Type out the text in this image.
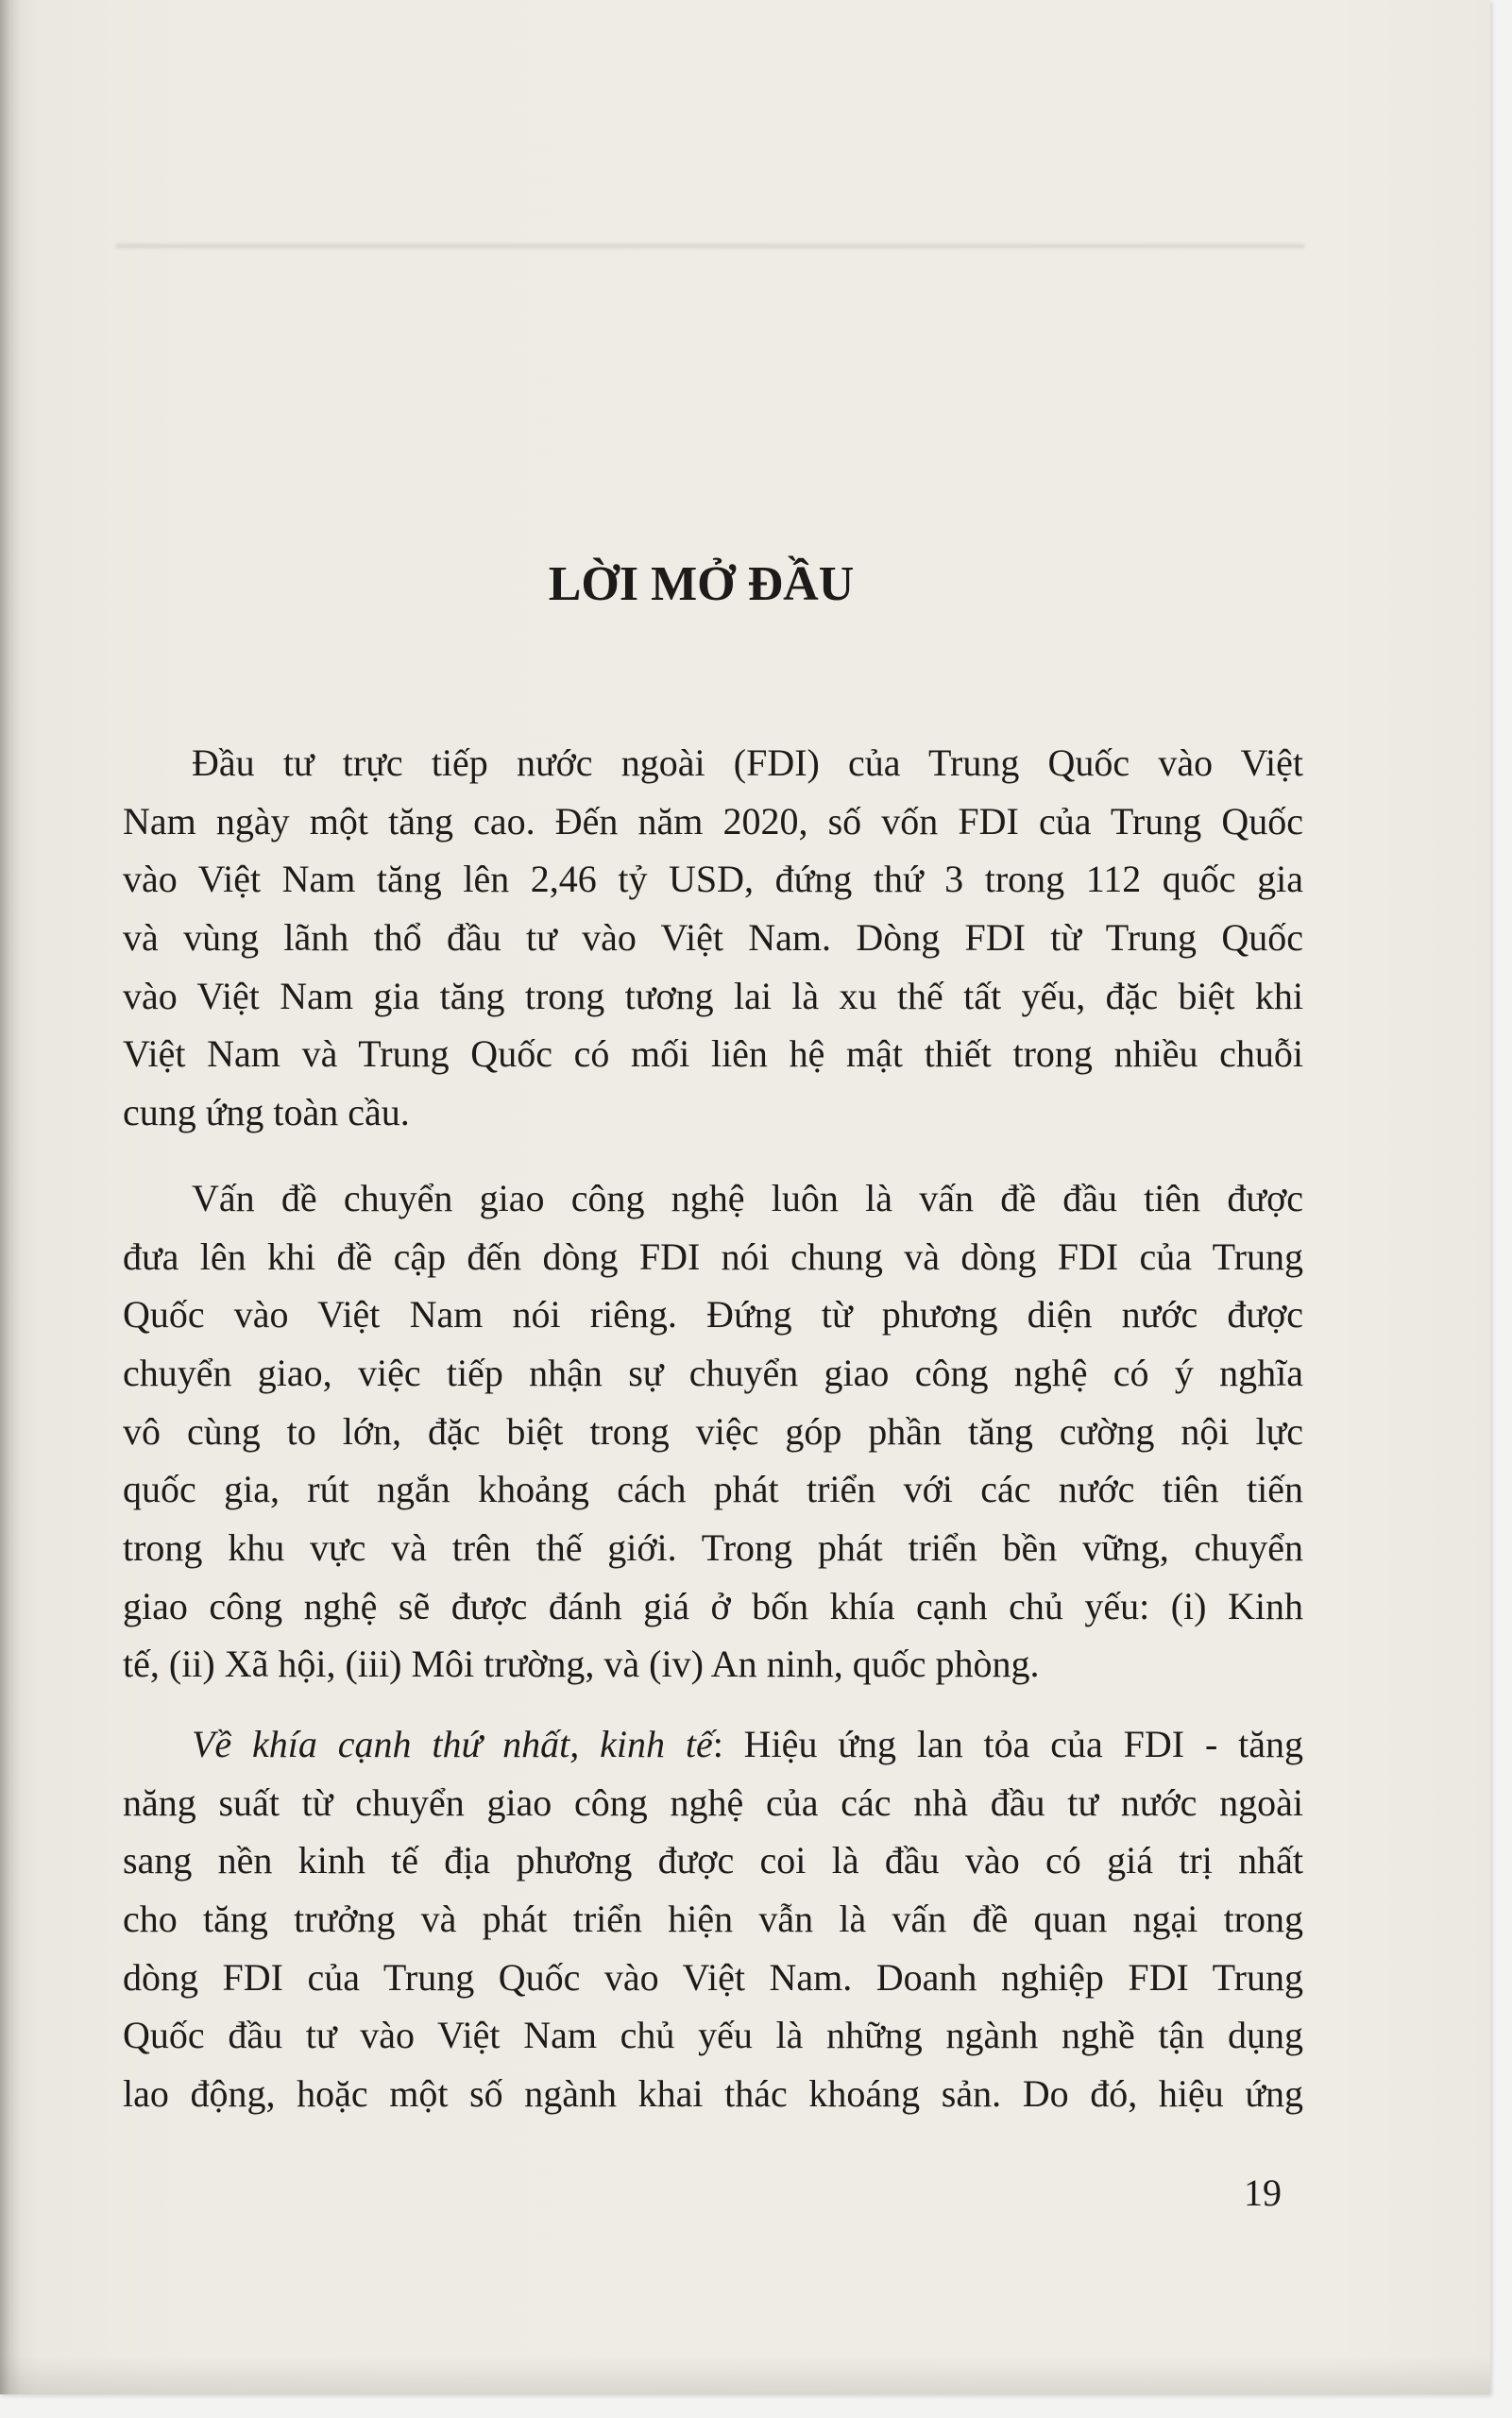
LỜI MỞ ĐẦU

Đầu tư trực tiếp nước ngoài (FDI) của Trung Quốc vào Việt
Nam ngày một tăng cao. Đến năm 2020, số vốn FDI của Trung Quốc
vào Việt Nam tăng lên 2,46 tỷ USD, đứng thứ 3 trong 112 quốc gia
và vùng lãnh thổ đầu tư vào Việt Nam. Dòng FDI từ Trung Quốc
vào Việt Nam gia tăng trong tương lai là xu thế tất yếu, đặc biệt khi
Việt Nam và Trung Quốc có mối liên hệ mật thiết trong nhiều chuỗi
cung ứng toàn cầu.

Vấn đề chuyển giao công nghệ luôn là vấn đề đầu tiên được
đưa lên khi đề cập đến dòng FDI nói chung và dòng FDI của Trung
Quốc vào Việt Nam nói riêng. Đứng từ phương diện nước được
chuyển giao, việc tiếp nhận sự chuyển giao công nghệ có ý nghĩa
vô cùng to lớn, đặc biệt trong việc góp phần tăng cường nội lực
quốc gia, rút ngắn khoảng cách phát triển với các nước tiên tiến
trong khu vực và trên thế giới. Trong phát triển bền vững, chuyển
giao công nghệ sẽ được đánh giá ở bốn khía cạnh chủ yếu: (i) Kinh
tế, (ii) Xã hội, (iii) Môi trường, và (iv) An ninh, quốc phòng.

Về khía cạnh thứ nhất, kinh tế: Hiệu ứng lan tỏa của FDI - tăng
năng suất từ chuyển giao công nghệ của các nhà đầu tư nước ngoài
sang nền kinh tế địa phương được coi là đầu vào có giá trị nhất
cho tăng trưởng và phát triển hiện vẫn là vấn đề quan ngại trong
dòng FDI của Trung Quốc vào Việt Nam. Doanh nghiệp FDI Trung
Quốc đầu tư vào Việt Nam chủ yếu là những ngành nghề tận dụng
lao động, hoặc một số ngành khai thác khoáng sản. Do đó, hiệu ứng

19
